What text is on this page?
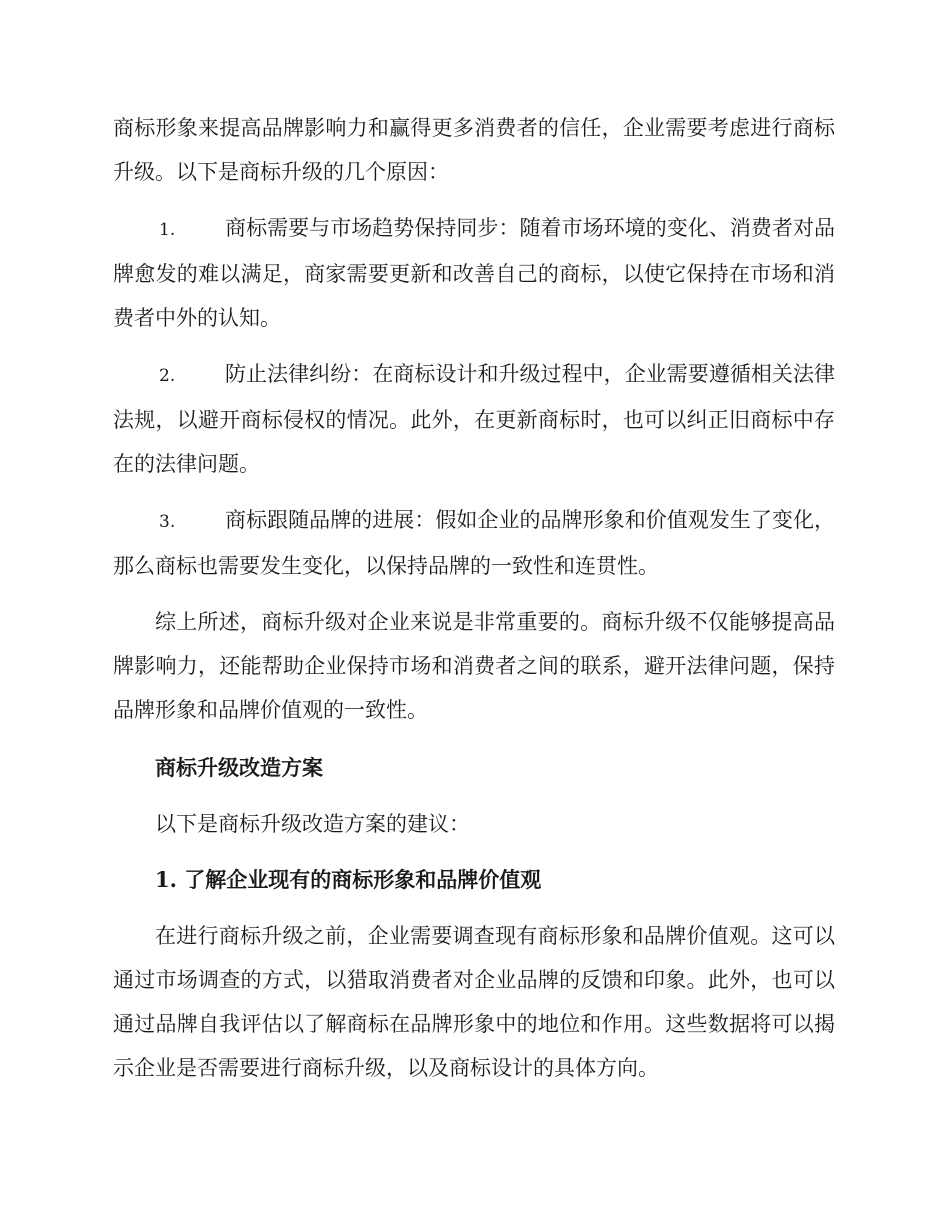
商标形象来提高品牌影响力和赢得更多消费者的信任，企业需要考虑进行商标升级。以下是商标升级的几个原因：

1. 商标需要与市场趋势保持同步：随着市场环境的变化、消费者对品牌愈发的难以满足，商家需要更新和改善自己的商标，以使它保持在市场和消费者中外的认知。

2. 防止法律纠纷：在商标设计和升级过程中，企业需要遵循相关法律法规，以避开商标侵权的情况。此外，在更新商标时，也可以纠正旧商标中存在的法律问题。

3. 商标跟随品牌的进展：假如企业的品牌形象和价值观发生了变化，那么商标也需要发生变化，以保持品牌的一致性和连贯性。

综上所述，商标升级对企业来说是非常重要的。商标升级不仅能够提高品牌影响力，还能帮助企业保持市场和消费者之间的联系，避开法律问题，保持品牌形象和品牌价值观的一致性。

商标升级改造方案

以下是商标升级改造方案的建议：

1. 了解企业现有的商标形象和品牌价值观

在进行商标升级之前，企业需要调查现有商标形象和品牌价值观。这可以通过市场调查的方式，以猎取消费者对企业品牌的反馈和印象。此外，也可以通过品牌自我评估以了解商标在品牌形象中的地位和作用。这些数据将可以揭示企业是否需要进行商标升级，以及商标设计的具体方向。
